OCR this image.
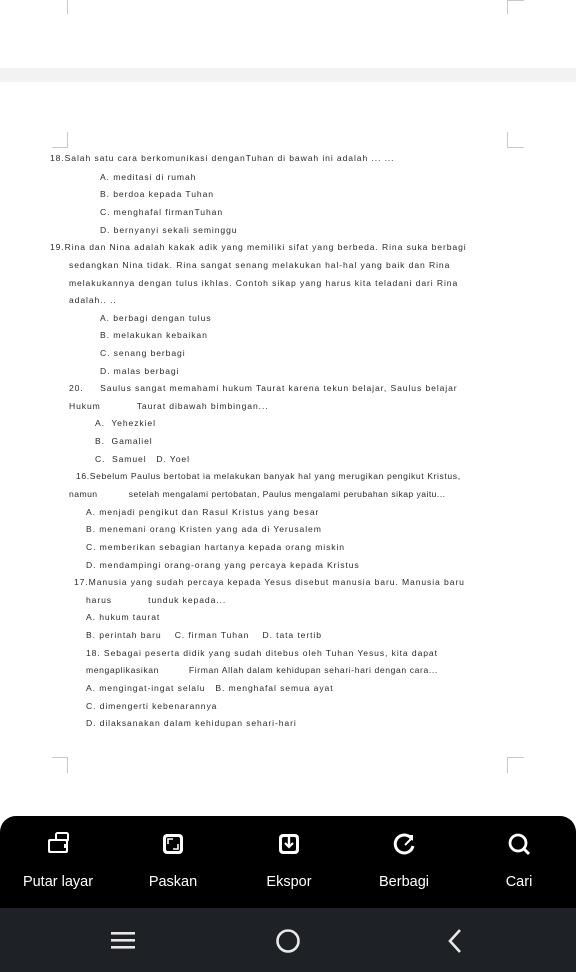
18.Salah satu cara berkomunikasi denganTuhan di bawah ini adalah ... ...
A. meditasi di rumah
B. berdoa kepada Tuhan
C. menghafal firmanTuhan
D. bernyanyi sekali seminggu
19.Rina dan Nina adalah kakak adik yang memiliki sifat yang berbeda. Rina suka berbagi
sedangkan Nina tidak. Rina sangat senang melakukan hal-hal yang baik dan Rina
melakukannya dengan tulus ikhlas. Contoh sikap yang harus kita teladani dari Rina
adalah.. ..
A. berbagi dengan tulus
B. melakukan kebaikan
C. senang berbagi
D. malas berbagi
20.     Saulus sangat memahami hukum Taurat karena tekun belajar, Saulus belajar
Hukum           Taurat dibawah bimbingan...
A.  Yehezkiel
B.  Gamaliel
C.  Samuel   D. Yoel
16.Sebelum Paulus bertobat ia melakukan banyak hal yang merugikan pengikut Kristus,
namun           setelah mengalami pertobatan, Paulus mengalami perubahan sikap yaitu...
A. menjadi pengikut dan Rasul Kristus yang besar
B. menemani orang Kristen yang ada di Yerusalem
C. memberikan sebagian hartanya kepada orang miskin
D. mendampingi orang-orang yang percaya kepada Kristus
17.Manusia yang sudah percaya kepada Yesus disebut manusia baru. Manusia baru
harus           tunduk kepada...
A. hukum taurat
B. perintah baru    C. firman Tuhan    D. tata tertib
18. Sebagai peserta didik yang sudah ditebus oleh Tuhan Yesus, kita dapat
mengaplikasikan          Firman Allah dalam kehidupan sehari-hari dengan cara...
A. mengingat-ingat selalu   B. menghafal semua ayat
C. dimengerti kebenarannya
D. dilaksanakan dalam kehidupan sehari-hari
Putar layar	Paskan	Ekspor	Berbagi	Cari
